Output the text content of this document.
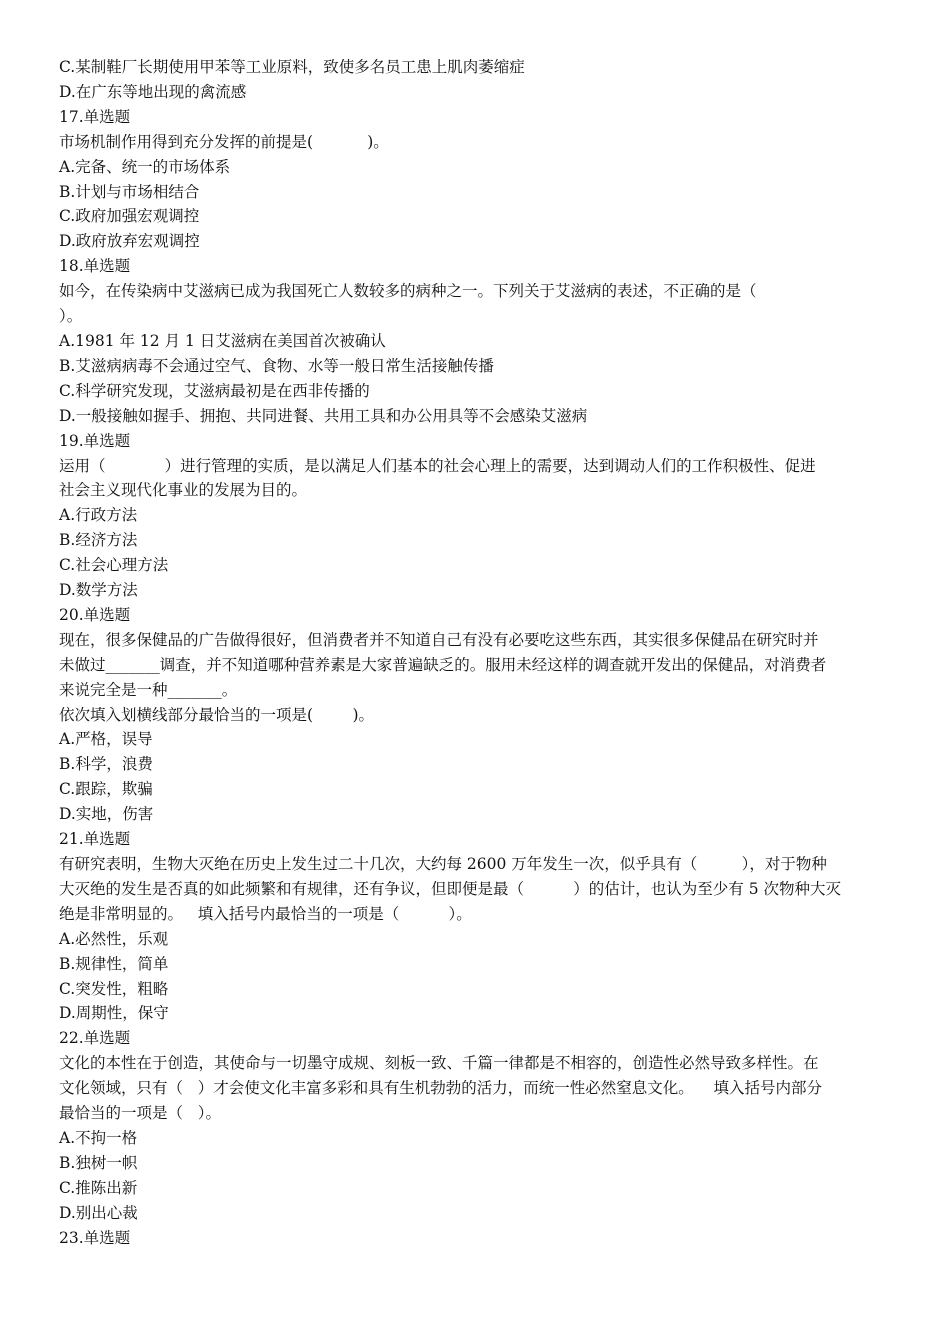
C.某制鞋厂长期使用甲苯等工业原料，致使多名员工患上肌肉萎缩症

D.在广东等地出现的禽流感

17.单选题

市场机制作用得到充分发挥的前提是(           )。

A.完备、统一的市场体系

B.计划与市场相结合

C.政府加强宏观调控

D.政府放弃宏观调控

18.单选题

如今，在传染病中艾滋病已成为我国死亡人数较多的病种之一。下列关于艾滋病的表述，不正确的是（

）。

A.1981 年 12 月 1 日艾滋病在美国首次被确认

B.艾滋病病毒不会通过空气、食物、水等一般日常生活接触传播

C.科学研究发现，艾滋病最初是在西非传播的

D.一般接触如握手、拥抱、共同进餐、共用工具和办公用具等不会感染艾滋病

19.单选题

运用（            ）进行管理的实质，是以满足人们基本的社会心理上的需要，达到调动人们的工作积极性、促进

社会主义现代化事业的发展为目的。

A.行政方法

B.经济方法

C.社会心理方法

D.数学方法

20.单选题

现在，很多保健品的广告做得很好，但消费者并不知道自己有没有必要吃这些东西，其实很多保健品在研究时并

未做过_______调查，并不知道哪种营养素是大家普遍缺乏的。服用未经这样的调查就开发出的保健品，对消费者

来说完全是一种_______。

依次填入划横线部分最恰当的一项是(        )。

A.严格，误导

B.科学，浪费

C.跟踪，欺骗

D.实地，伤害

21.单选题

有研究表明，生物大灭绝在历史上发生过二十几次，大约每 2600 万年发生一次，似乎具有（         ），对于物种

大灭绝的发生是否真的如此频繁和有规律，还有争议，但即便是最（          ）的估计，也认为至少有 5 次物种大灭

绝是非常明显的。   填入括号内最恰当的一项是（          ）。

A.必然性，乐观

B.规律性，简单

C.突发性，粗略

D.周期性，保守

22.单选题

文化的本性在于创造，其使命与一切墨守成规、刻板一致、千篇一律都是不相容的，创造性必然导致多样性。在

文化领域，只有（   ）才会使文化丰富多彩和具有生机勃勃的活力，而统一性必然窒息文化。    填入括号内部分

最恰当的一项是（   ）。

A.不拘一格

B.独树一帜

C.推陈出新

D.别出心裁

23.单选题
